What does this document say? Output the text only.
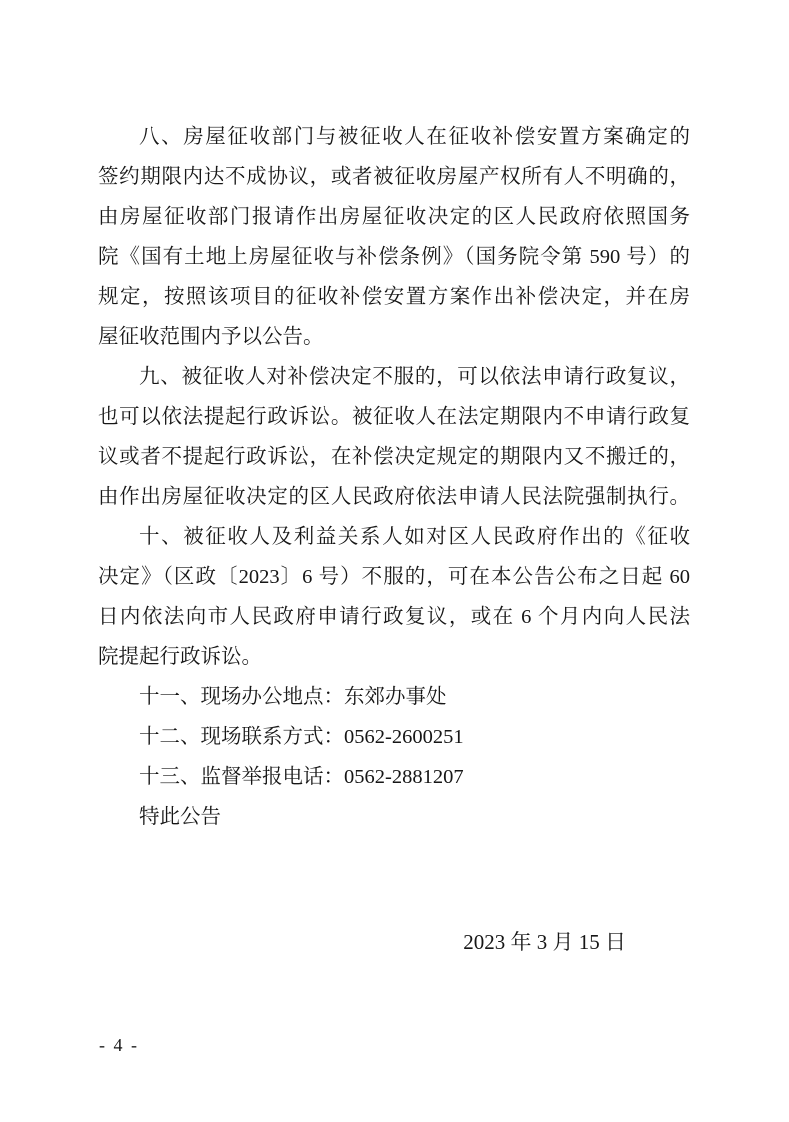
八、房屋征收部门与被征收人在征收补偿安置方案确定的
签约期限内达不成协议，或者被征收房屋产权所有人不明确的，
由房屋征收部门报请作出房屋征收决定的区人民政府依照国务
院《国有土地上房屋征收与补偿条例》（国务院令第 590 号）的
规定，按照该项目的征收补偿安置方案作出补偿决定，并在房
屋征收范围内予以公告。
九、被征收人对补偿决定不服的，可以依法申请行政复议，
也可以依法提起行政诉讼。被征收人在法定期限内不申请行政复
议或者不提起行政诉讼，在补偿决定规定的期限内又不搬迁的，
由作出房屋征收决定的区人民政府依法申请人民法院强制执行。
十、被征收人及利益关系人如对区人民政府作出的《征收
决定》（区政〔2023〕6 号）不服的，可在本公告公布之日起 60
日内依法向市人民政府申请行政复议，或在 6 个月内向人民法
院提起行政诉讼。
十一、现场办公地点：东郊办事处
十二、现场联系方式：0562-2600251
十三、监督举报电话：0562-2881207
特此公告
2023 年 3 月 15 日
- 4 -
